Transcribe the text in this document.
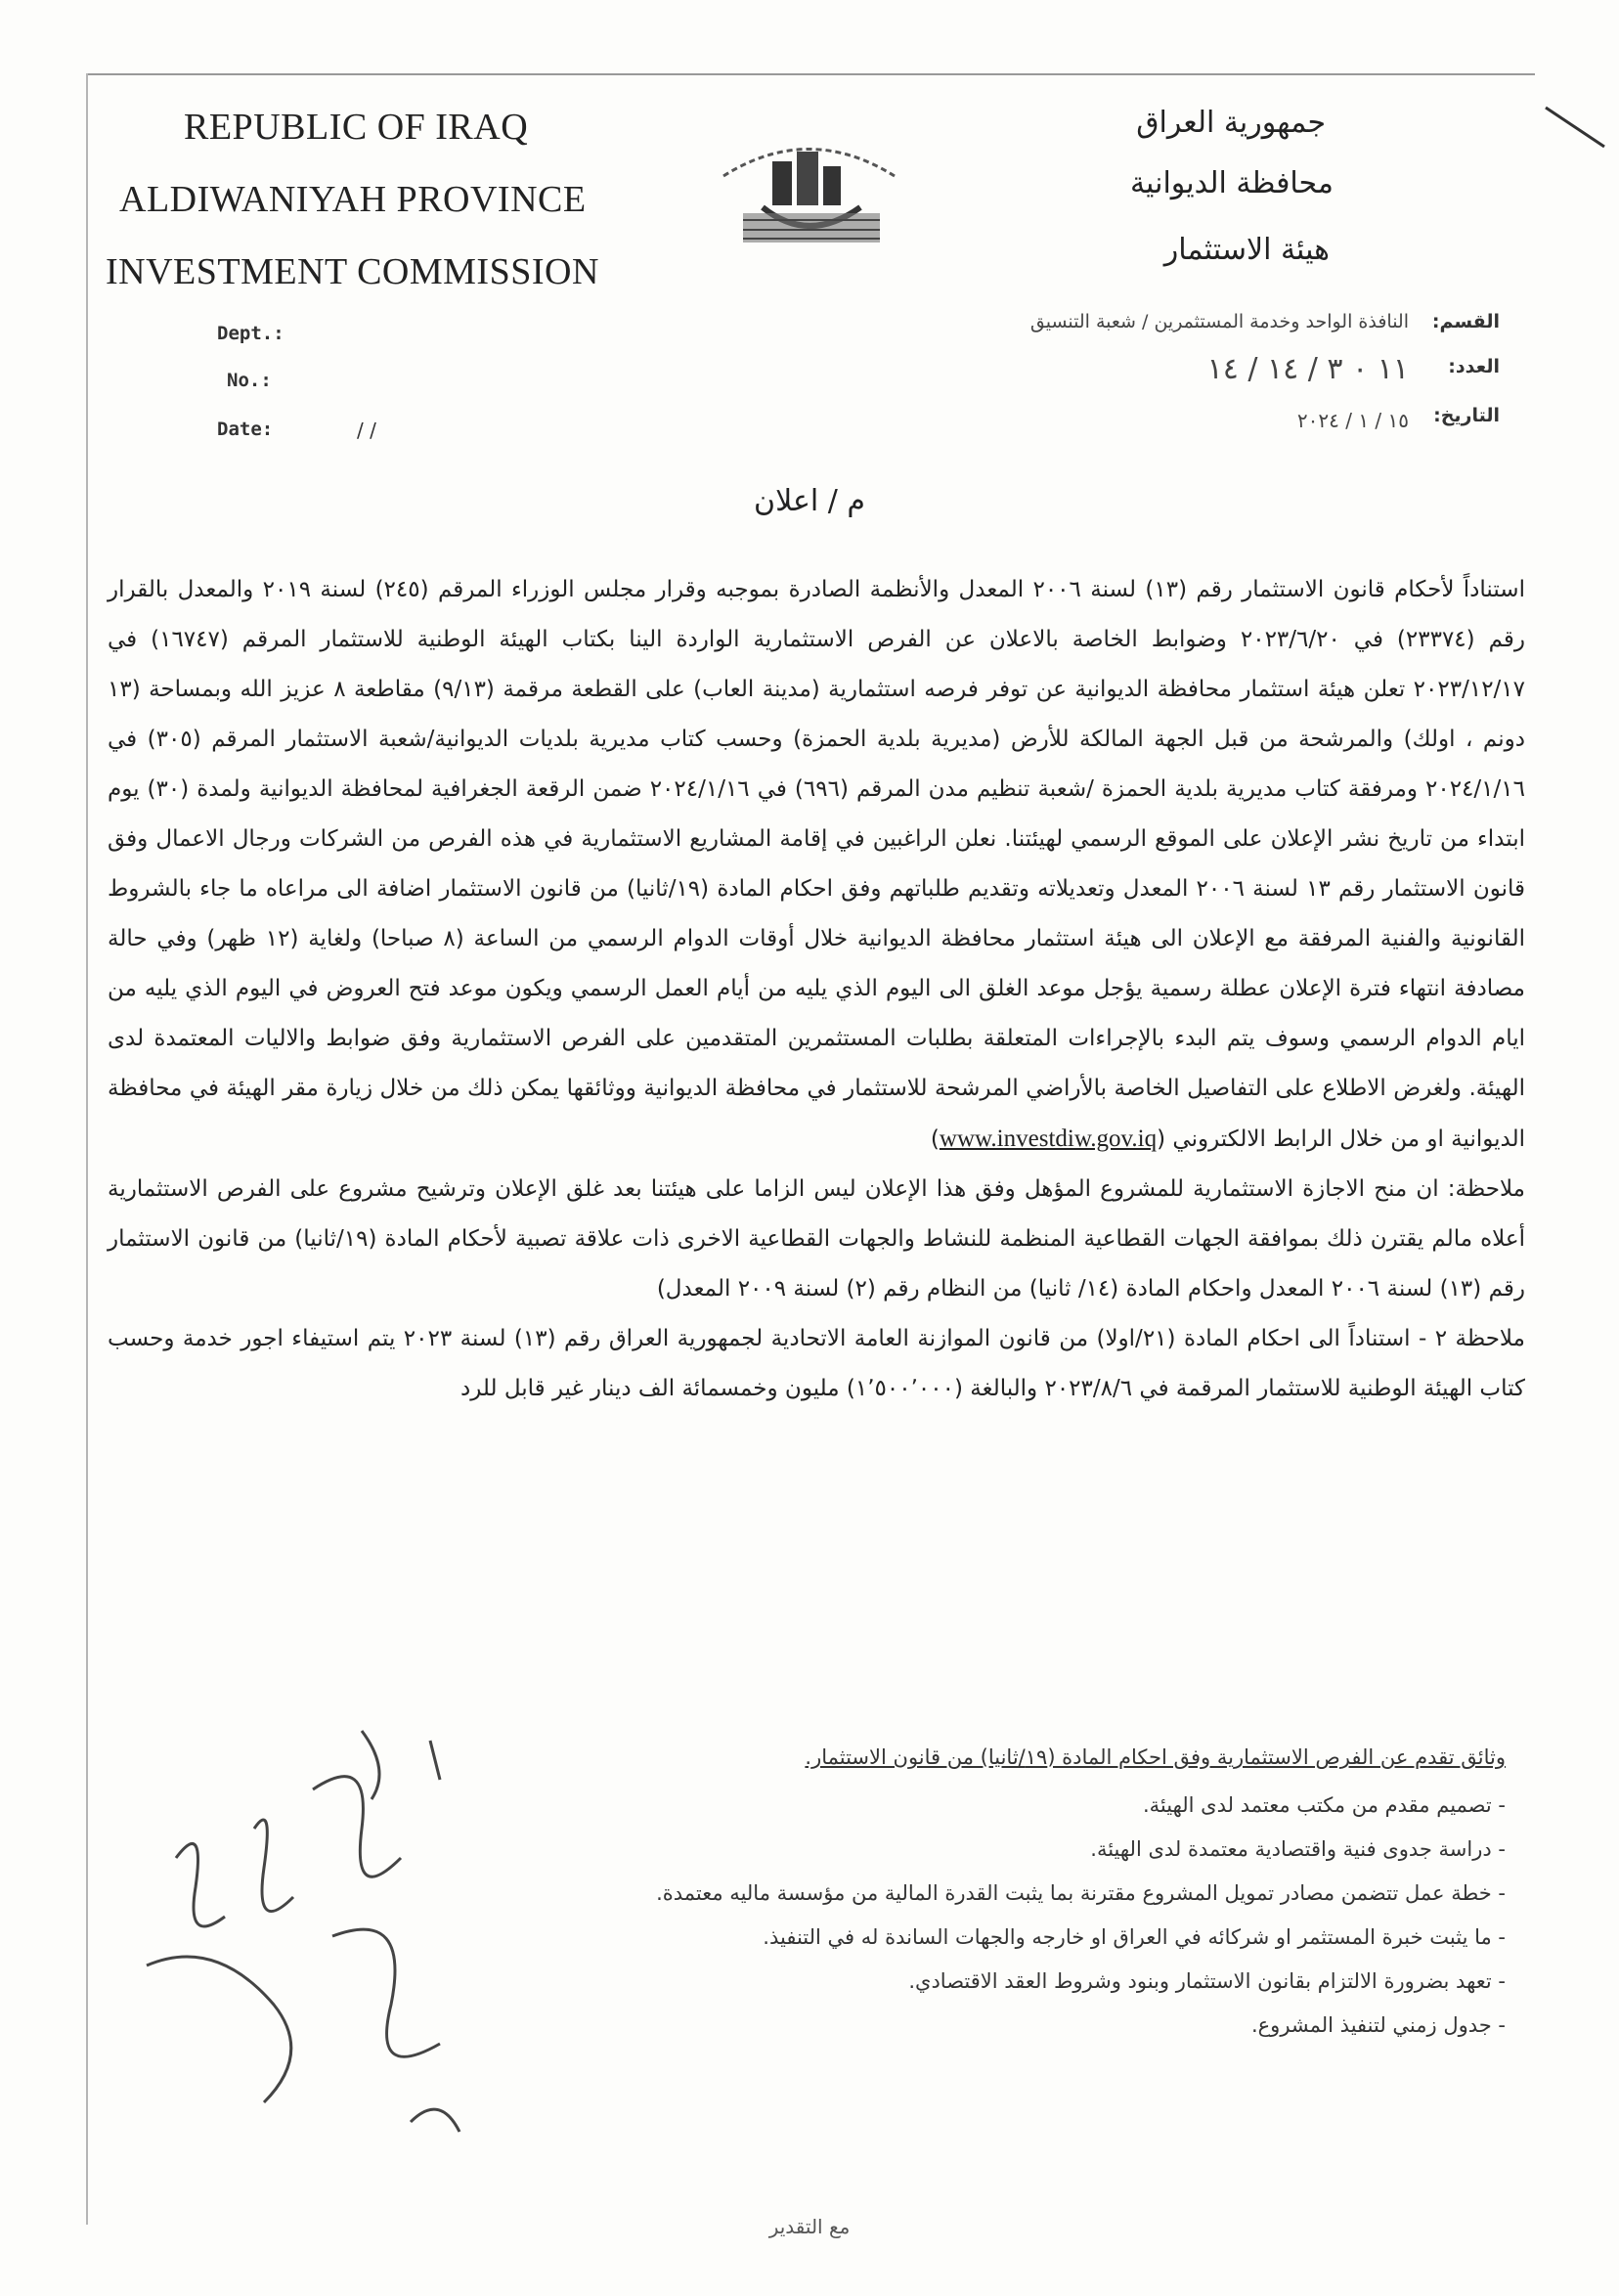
REPUBLIC OF IRAQ
ALDIWANIYAH PROVINCE
INVESTMENT COMMISSION
جمهورية العراق
محافظة الديوانية
هيئة الاستثمار
Dept.:
No.:
Date:	/ /
القسم:
النافذة الواحد وخدمة المستثمرين / شعبة التنسيق
العدد:
١١ ٠ ٣ / ١٤ / ١٤
التاريخ:
١٥ / ١ / ٢٠٢٤
م / اعلان

استناداً لأحكام قانون الاستثمار رقم (١٣) لسنة ٢٠٠٦ المعدل والأنظمة الصادرة بموجبه وقرار مجلس الوزراء المرقم (٢٤٥) لسنة ٢٠١٩ والمعدل بالقرار رقم (٢٣٣٧٤) في ٢٠٢٣/٦/٢٠ وضوابط الخاصة بالاعلان عن الفرص الاستثمارية الواردة الينا بكتاب الهيئة الوطنية للاستثمار المرقم (١٦٧٤٧) في ٢٠٢٣/١٢/١٧ تعلن هيئة استثمار محافظة الديوانية عن توفر فرصه استثمارية (مدينة العاب) على القطعة مرقمة (٩/١٣) مقاطعة ٨ عزيز الله وبمساحة (١٣ دونم ، اولك) والمرشحة من قبل الجهة المالكة للأرض (مديرية بلدية الحمزة) وحسب كتاب مديرية بلديات الديوانية/شعبة الاستثمار المرقم (٣٠٥) في ٢٠٢٤/١/١٦ ومرفقة كتاب مديرية بلدية الحمزة /شعبة تنظيم مدن المرقم (٦٩٦) في ٢٠٢٤/١/١٦ ضمن الرقعة الجغرافية لمحافظة الديوانية ولمدة (٣٠) يوم ابتداء من تاريخ نشر الإعلان على الموقع الرسمي لهيئتنا. نعلن الراغبين في إقامة المشاريع الاستثمارية في هذه الفرص من الشركات ورجال الاعمال وفق قانون الاستثمار رقم ١٣ لسنة ٢٠٠٦ المعدل وتعديلاته وتقديم طلباتهم وفق احكام المادة (١٩/ثانيا) من قانون الاستثمار اضافة الى مراعاه ما جاء بالشروط القانونية والفنية المرفقة مع الإعلان الى هيئة استثمار محافظة الديوانية خلال أوقات الدوام الرسمي من الساعة (٨ صباحا) ولغاية (١٢ ظهر) وفي حالة مصادفة انتهاء فترة الإعلان عطلة رسمية يؤجل موعد الغلق الى اليوم الذي يليه من أيام العمل الرسمي ويكون موعد فتح العروض في اليوم الذي يليه من ايام الدوام الرسمي وسوف يتم البدء بالإجراءات المتعلقة بطلبات المستثمرين المتقدمين على الفرص الاستثمارية وفق ضوابط والاليات المعتمدة لدى الهيئة. ولغرض الاطلاع على التفاصيل الخاصة بالأراضي المرشحة للاستثمار في محافظة الديوانية ووثائقها يمكن ذلك من خلال زيارة مقر الهيئة في محافظة الديوانية او من خلال الرابط الالكتروني (www.investdiw.gov.iq)

ملاحظة: ان منح الاجازة الاستثمارية للمشروع المؤهل وفق هذا الإعلان ليس الزاما على هيئتنا بعد غلق الإعلان وترشيح مشروع على الفرص الاستثمارية أعلاه مالم يقترن ذلك بموافقة الجهات القطاعية المنظمة للنشاط والجهات القطاعية الاخرى ذات علاقة تصبية لأحكام المادة (١٩/ثانيا) من قانون الاستثمار رقم (١٣) لسنة ٢٠٠٦ المعدل واحكام المادة (١٤/ ثانيا) من النظام رقم (٢) لسنة ٢٠٠٩ المعدل)

ملاحظة ٢ - استناداً الى احكام المادة (٢١/اولا) من قانون الموازنة العامة الاتحادية لجمهورية العراق رقم (١٣) لسنة ٢٠٢٣ يتم استيفاء اجور خدمة وحسب كتاب الهيئة الوطنية للاستثمار المرقمة في ٢٠٢٣/٨/٦ والبالغة (١٬٥٠٠٬٠٠٠) مليون وخمسمائة الف دينار غير قابل للرد

وثائق تقدم عن الفرص الاستثمارية وفق احكام المادة (١٩/ثانيا) من قانون الاستثمار.
- تصميم مقدم من مكتب معتمد لدى الهيئة.
- دراسة جدوى فنية واقتصادية معتمدة لدى الهيئة.
- خطة عمل تتضمن مصادر تمويل المشروع مقترنة بما يثبت القدرة المالية من مؤسسة ماليه معتمدة.
- ما يثبت خبرة المستثمر او شركائه في العراق او خارجه والجهات الساندة له في التنفيذ.
- تعهد بضرورة الالتزام بقانون الاستثمار وبنود وشروط العقد الاقتصادي.
- جدول زمني لتنفيذ المشروع.
مع التقدير
